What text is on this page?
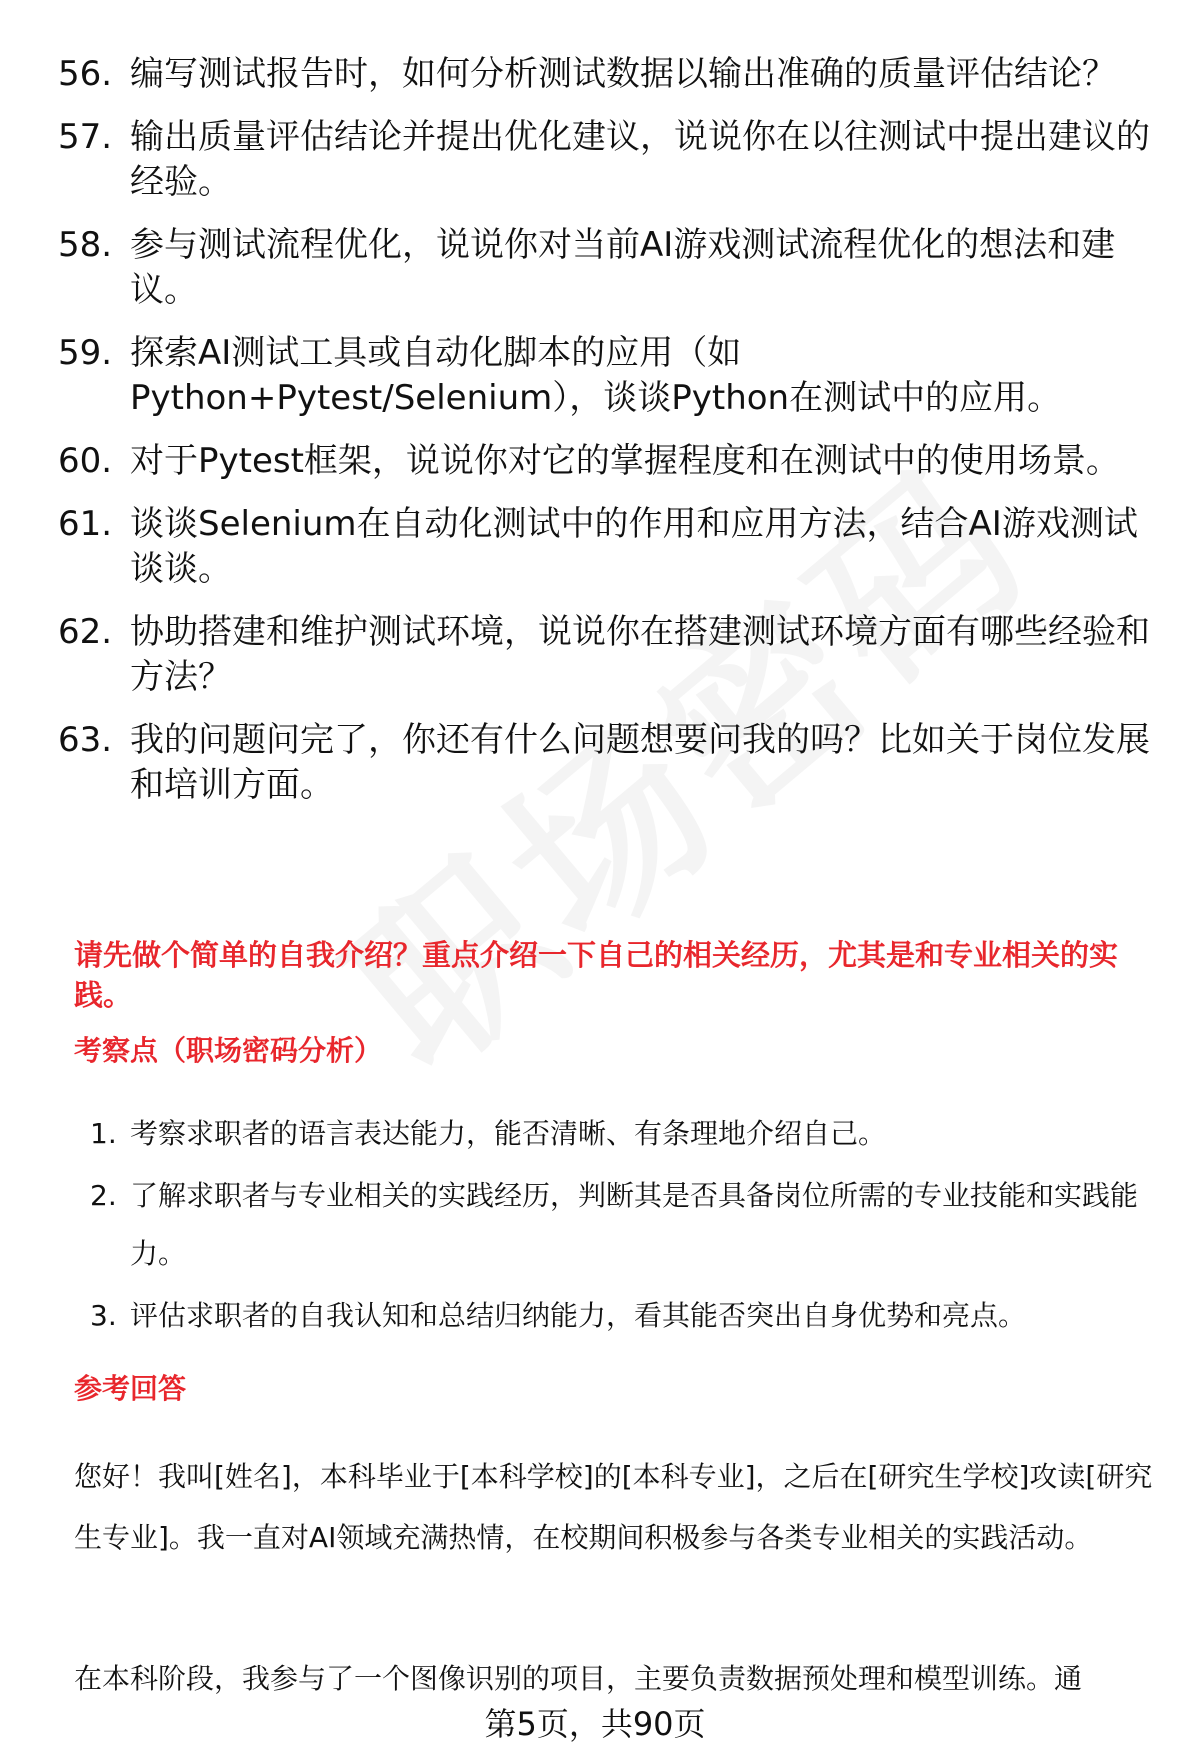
56. 编写测试报告时，如何分析测试数据以输出准确的质量评估结论？
57. 输出质量评估结论并提出优化建议，说说你在以往测试中提出建议的经验。
58. 参与测试流程优化，说说你对当前AI游戏测试流程优化的想法和建议。
59. 探索AI测试工具或自动化脚本的应用（如Python+Pytest/Selenium），谈谈Python在测试中的应用。
60. 对于Pytest框架，说说你对它的掌握程度和在测试中的使用场景。
61. 谈谈Selenium在自动化测试中的作用和应用方法，结合AI游戏测试谈谈。
62. 协助搭建和维护测试环境，说说你在搭建测试环境方面有哪些经验和方法？
63. 我的问题问完了，你还有什么问题想要问我的吗？比如关于岗位发展和培训方面。
请先做个简单的自我介绍？重点介绍一下自己的相关经历，尤其是和专业相关的实践。
考察点（职场密码分析）
1. 考察求职者的语言表达能力，能否清晰、有条理地介绍自己。
2. 了解求职者与专业相关的实践经历，判断其是否具备岗位所需的专业技能和实践能力。
3. 评估求职者的自我认知和总结归纳能力，看其能否突出自身优势和亮点。
参考回答
您好！我叫[姓名]，本科毕业于[本科学校]的[本科专业]，之后在[研究生学校]攻读[研究生专业]。我一直对AI领域充满热情，在校期间积极参与各类专业相关的实践活动。
在本科阶段，我参与了一个图像识别的项目，主要负责数据预处理和模型训练。通
第5页，共90页
